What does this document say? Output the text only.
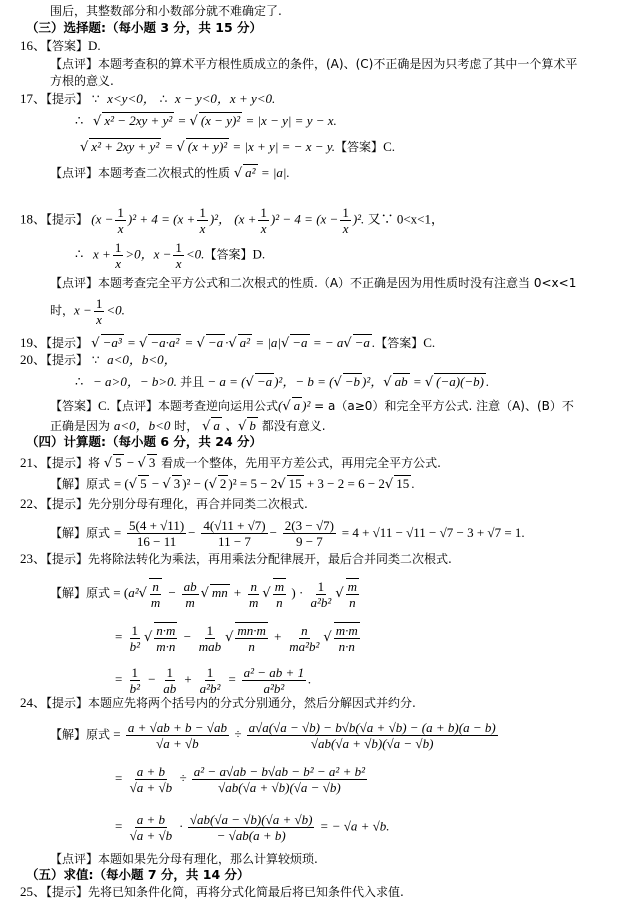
围后，其整数部分和小数部分就不难确定了.
（三）选择题:（每小题 3 分，共 15 分）
16、【答案】D.
【点评】本题考查积的算术平方根性质成立的条件，(A)、(C)不正确是因为只考虑了其中一个算术平
方根的意义.
17、【提示】 ∵ x<y<0， ∴ x − y<0，x + y<0.
∴ √ x² − 2xy + y² = √ (x − y)² = |x − y| = y − x.
√ x² + 2xy + y² = √ (x + y)² = |x + y| = − x − y.【答案】C.
【点评】本题考查二次根式的性质 √ a² = |a|.
18、【提示】 $(x - \frac{1}{x} )^2 + 4 = (x + \frac{1}{x} )^2$， $(x + \frac{1}{x} )^2 - 4 = (x - \frac{1}{x} )^2$. 又∵ 0<x<1，
∴   $x + \frac{1}{x} >0$，$x - \frac{1}{x} <0$.【答案】D.
【点评】本题考查完全平方公式和二次根式的性质.（A）不正确是因为用性质时没有注意当 0<x<1
时，$x - \frac{1}{x} <0$.
19、【提示】 √ −a³ = √ −a·a² = √ −a · √ a² = |a| √ −a = − a √ −a .【答案】C.
20、【提示】 ∵ a<0，b<0，
∴ − a>0，− b>0. 并且 − a = ( √ −a )²，− b = ( √ −b )²， √ ab = √ (−a)(−b) .
【答案】C.【点评】本题考查逆向运用公式( √ a )² = a（a≥0）和完全平方公式. 注意（A)、(B）不
正确是因为 a<0，b<0 时， √ a 、 √ b 都没有意义.
（四）计算题:（每小题 6 分，共 24 分）
21、【提示】将 √ 5 − √ 3 看成一个整体，先用平方差公式，再用完全平方公式.
【解】原式 = ( √ 5 − √ 3 )² − ( √ 2 )² = 5 − 2 √ 15 + 3 − 2 = 6 − 2 √ 15 .
22、【提示】先分别分母有理化，再合并同类二次根式.
【解】原式 = $\frac{5(4 + √11)}{16 - 11} - \frac{4(√11 + √7)}{11 - 7} - \frac{2(3 - √7)}{9 - 7} = 4 + √11 - √11 - √7 - 3 + √7 = 1$.
23、【提示】先将除法转化为乘法，再用乘法分配律展开，最后合并同类二次根式.
【解】原式 = (a² √ $\frac{n}{m} - \frac{ab}{m}$ √ mn + $\frac{n}{m}$ √ $\frac{m}{n}$ ) · $\frac{1}{\text{a²b²}}$ √ $\frac{m}{n}$
= $\frac{1}{\text{b²}}$ √ $\frac{n\cdot m}{m\cdot n} - \frac{1}{\text{mab}}$ √ $\frac{mn\cdot m}{n} + \frac{n}{\text{ma²b²}}$ √ $\frac{m\cdot m}{n\cdot n}$
= $\frac{1}{\text{b²}} - \frac{1}{ab} + \frac{1}{\text{a²b²}} = \frac{\text{a² − ab + 1}}{\text{a²b²}}$ .
24、【提示】本题应先将两个括号内的分式分别通分，然后分解因式并约分.
【解】原式 = $\frac{a + √ab + b - √ab}{√a + √b} \div \frac{a√a(√a - √b) - b√b(√a + √b) - (a + b)(a - b)}{√ab(√a + √b)(√a - √b)}$
= $\frac{a + b}{√a + √b} \div \frac{\text{a² − a√ab − b√ab − b² − a² + b²}}{√ab(√a + √b)(√a - √b)}$
= $\frac{a + b}{√a + √b} \cdot \frac{√ab(√a - √b)(√a + √b)}{- √ab(a + b)}$ = − √a + √b.
【点评】本题如果先分母有理化，那么计算较烦琐.
（五）求值:（每小题 7 分，共 14 分）
25、【提示】先将已知条件化简，再将分式化简最后将已知条件代入求值.
